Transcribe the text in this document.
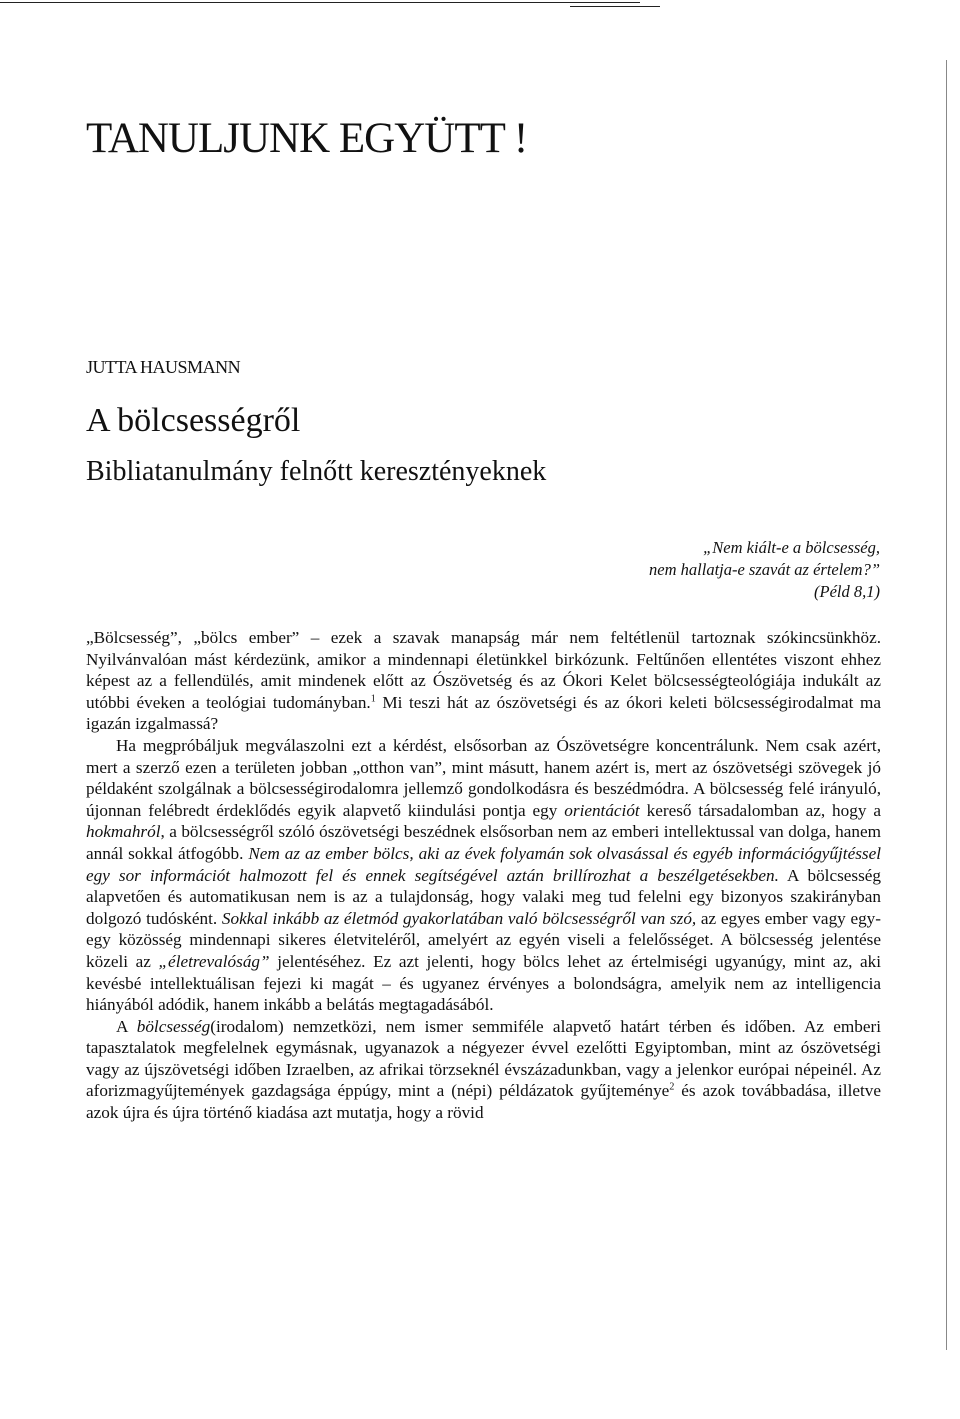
TANULJUNK EGYÜTT !
JUTTA HAUSMANN
A bölcsességről
Bibliatanulmány felnőtt keresztényeknek
„Nem kiált-e a bölcsesség,
nem hallatja-e szavát az értelem?”
(Péld 8,1)

„Bölcsesség”, „bölcs ember” – ezek a szavak manapság már nem feltétlenül tartoznak szókincsünkhöz. Nyilvánvalóan mást kérdezünk, amikor a mindennapi életünkkel birkózunk. Feltűnően ellentétes viszont ehhez képest az a fellendülés, amit mindenek előtt az Ószövetség és az Ókori Kelet bölcsességteológiája indukált az utóbbi éveken a teológiai tudományban.$^1$ Mi teszi hát az ószövetségi és az ókori keleti bölcsességirodalmat ma igazán izgalmassá?

Ha megpróbáljuk megválaszolni ezt a kérdést, elsősorban az Ószövetségre koncentrálunk. Nem csak azért, mert a szerző ezen a területen jobban „otthon van”, mint másutt, hanem azért is, mert az ószövetségi szövegek jó példaként szolgálnak a bölcsességirodalomra jellemző gondolkodásra és beszédmódra. A bölcsesség felé irányuló, újonnan felébredt érdeklődés egyik alapvető kiindulási pontja egy orientációt kereső társadalomban az, hogy a hokmahról, a bölcsességről szóló ószövetségi beszédnek elsősorban nem az emberi intellektussal van dolga, hanem annál sokkal átfogóbb. Nem az az ember bölcs, aki az évek folyamán sok olvasással és egyéb információgyűjtéssel egy sor információt halmozott fel és ennek segítségével aztán brillírozhat a beszélgetésekben. A bölcsesség alapvetően és automatikusan nem is az a tulajdonság, hogy valaki meg tud felelni egy bizonyos szakirányban dolgozó tudósként. Sokkal inkább az életmód gyakorlatában való bölcsességről van szó, az egyes ember vagy egy-egy közösség mindennapi sikeres életviteléről, amelyért az egyén viseli a felelősséget. A bölcsesség jelentése közeli az „életrevalóság” jelentéséhez. Ez azt jelenti, hogy bölcs lehet az értelmiségi ugyanúgy, mint az, aki kevésbé intellektuálisan fejezi ki magát – és ugyanez érvényes a bolondságra, amelyik nem az intelligencia hiányából adódik, hanem inkább a belátás megtagadásából.

A bölcsesség(irodalom) nemzetközi, nem ismer semmiféle alapvető határt térben és időben. Az emberi tapasztalatok megfelelnek egymásnak, ugyanazok a négyezer évvel ezelőtti Egyiptomban, mint az ószövetségi vagy az újszövetségi időben Izraelben, az afrikai törzseknél évszázadunkban, vagy a jelenkor európai népeinél. Az aforizmagyűjtemények gazdagsága éppúgy, mint a (népi) példázatok gyűjteménye$^2$ és azok továbbadása, illetve azok újra és újra történő kiadása azt mutatja, hogy a rövid
